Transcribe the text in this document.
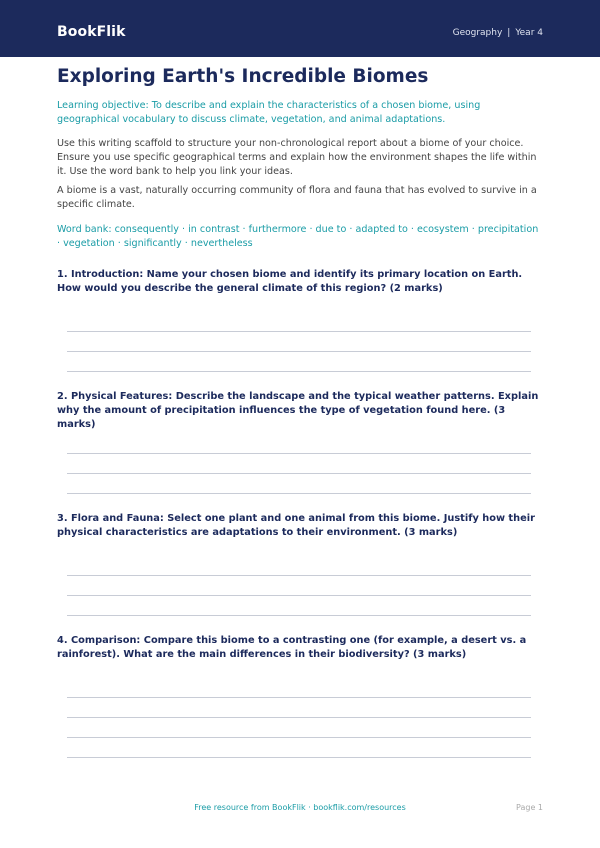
BookFlik	Geography | Year 4
Exploring Earth's Incredible Biomes

Learning objective: To describe and explain the characteristics of a chosen biome, using geographical vocabulary to discuss climate, vegetation, and animal adaptations.

Use this writing scaffold to structure your non-chronological report about a biome of your choice. Ensure you use specific geographical terms and explain how the environment shapes the life within it. Use the word bank to help you link your ideas.

A biome is a vast, naturally occurring community of flora and fauna that has evolved to survive in a specific climate.

Word bank: consequently · in contrast · furthermore · due to · adapted to · ecosystem · precipitation · vegetation · significantly · nevertheless

1. Introduction: Name your chosen biome and identify its primary location on Earth. How would you describe the general climate of this region? (2 marks)

2. Physical Features: Describe the landscape and the typical weather patterns. Explain why the amount of precipitation influences the type of vegetation found here. (3 marks)

3. Flora and Fauna: Select one plant and one animal from this biome. Justify how their physical characteristics are adaptations to their environment. (3 marks)

4. Comparison: Compare this biome to a contrasting one (for example, a desert vs. a rainforest). What are the main differences in their biodiversity? (3 marks)

Free resource from BookFlik · bookflik.com/resources	Page 1
